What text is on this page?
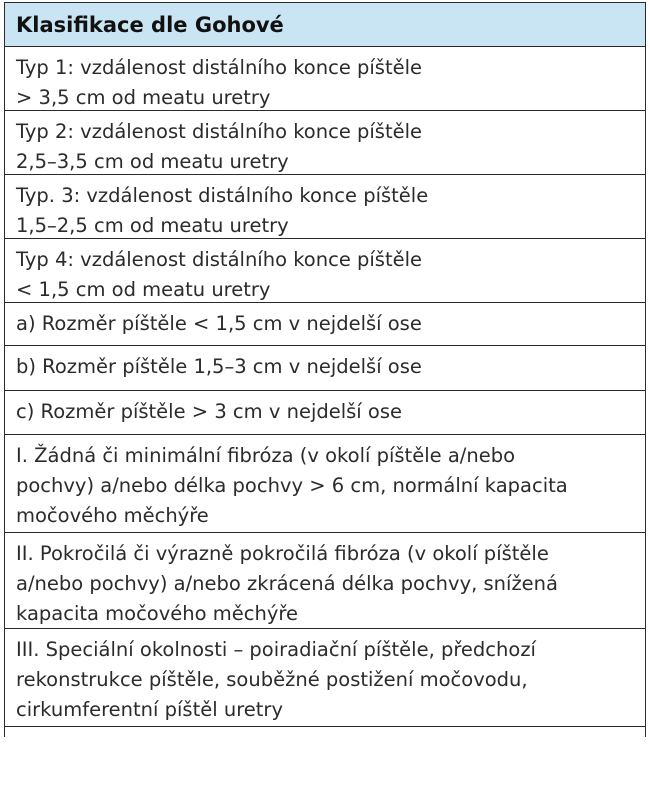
Klasifikace dle Gohové
Typ 1: vzdálenost distálního konce píštěle
> 3,5 cm od meatu uretry
Typ 2: vzdálenost distálního konce píštěle
2,5–3,5 cm od meatu uretry
Typ. 3: vzdálenost distálního konce píštěle
1,5–2,5 cm od meatu uretry
Typ 4: vzdálenost distálního konce píštěle
< 1,5 cm od meatu uretry
a) Rozměr píštěle < 1,5 cm v nejdelší ose
b) Rozměr píštěle 1,5–3 cm v nejdelší ose
c) Rozměr píštěle > 3 cm v nejdelší ose
I. Žádná či minimální fibróza (v okolí píštěle a/nebo
pochvy) a/nebo délka pochvy > 6 cm, normální kapacita
močového měchýře
II. Pokročilá či výrazně pokročilá fibróza (v okolí píštěle
a/nebo pochvy) a/nebo zkrácená délka pochvy, snížená
kapacita močového měchýře
III. Speciální okolnosti – poiradiační píštěle, předchozí
rekonstrukce píštěle, souběžné postižení močovodu,
cirkumferentní píštěl uretry
